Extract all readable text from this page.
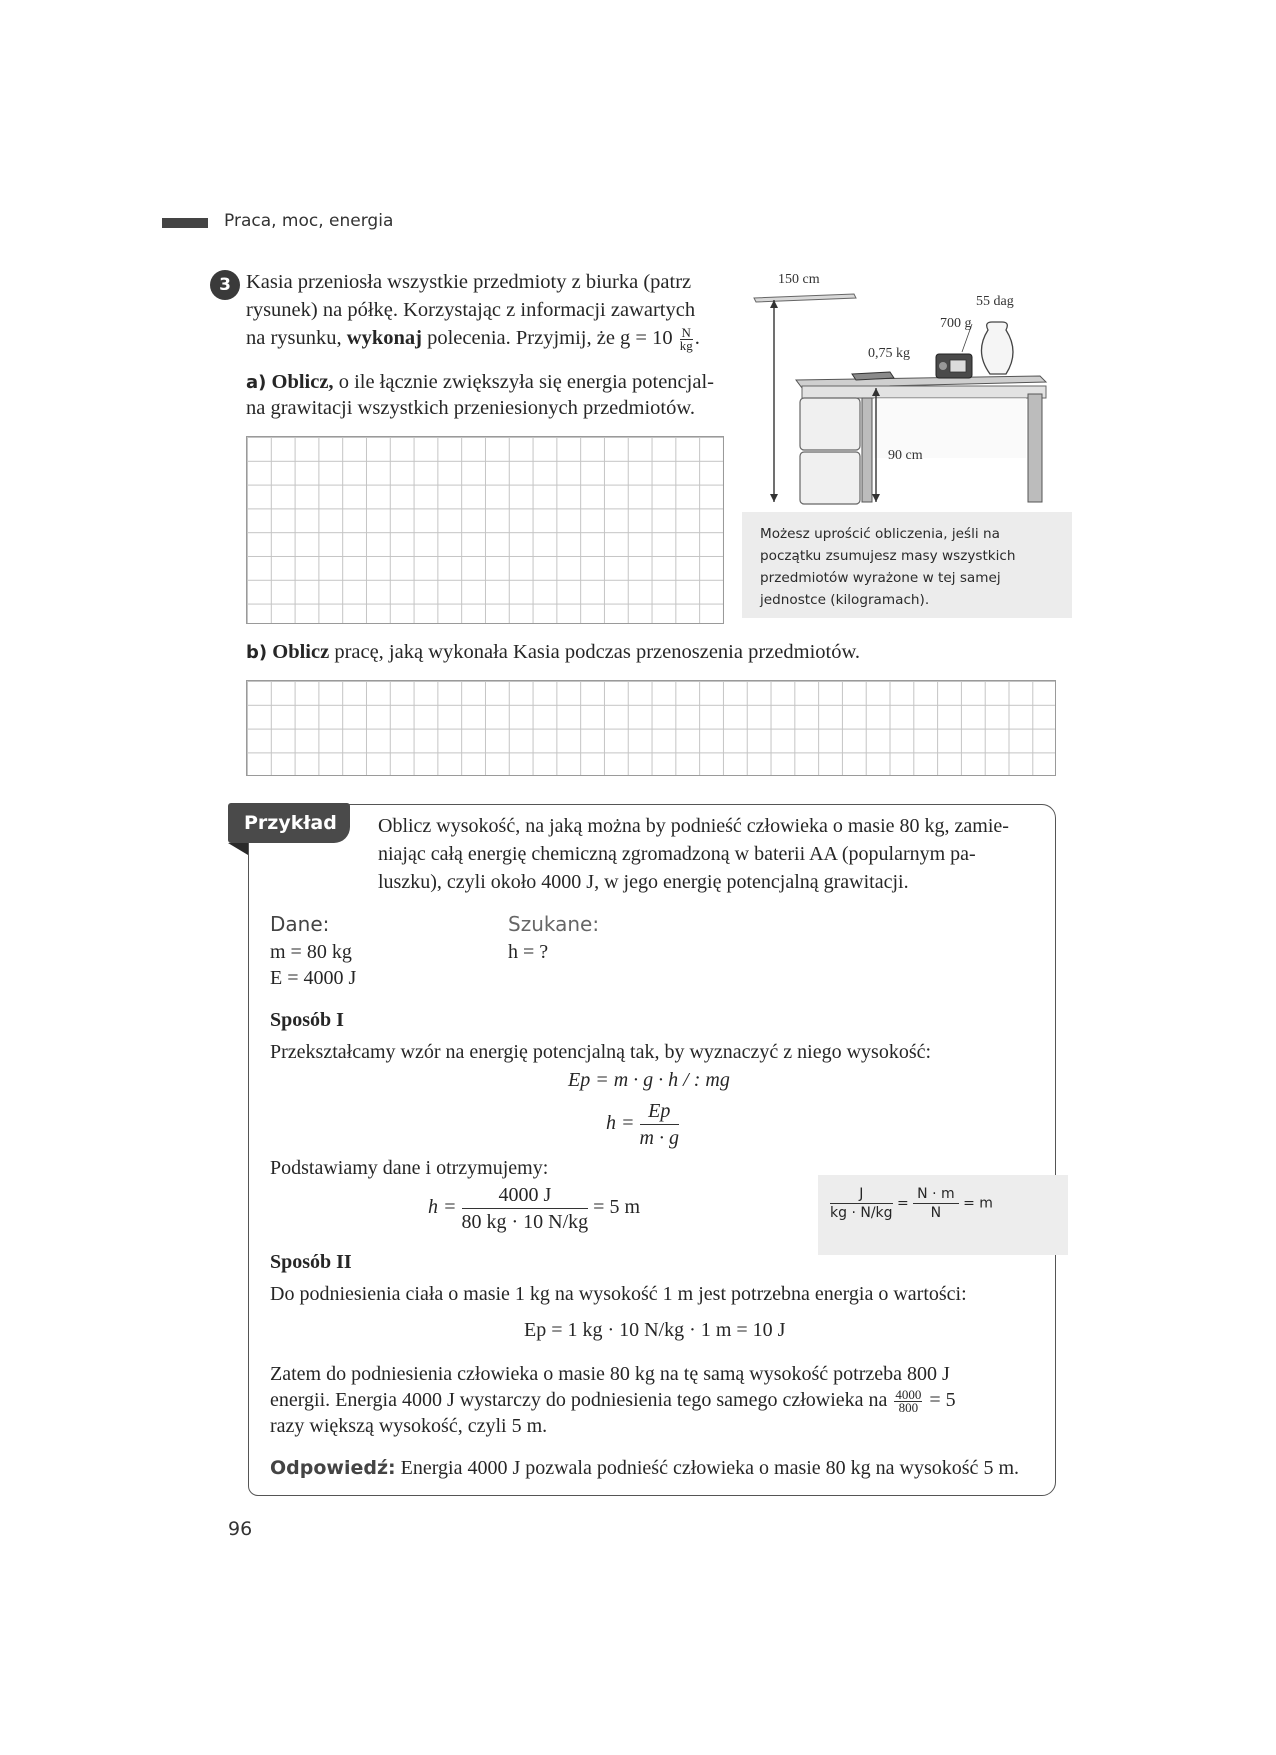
Praca, moc, energia
3 Kasia przeniosła wszystkie przedmioty z biurka (patrz
rysunek) na półkę. Korzystając z informacji zawartych
na rysunku, wykonaj polecenia. Przyjmij, że $g = 10 \frac{N}{kg}$ .
a) Oblicz, o ile łącznie zwiększyła się energia potencjal-
na grawitacji wszystkich przeniesionych przedmiotów.
150 cm
55 dag
700 g
0,75 kg
90 cm
Możesz uprościć obliczenia, jeśli na
początku zsumujesz masy wszystkich
przedmiotów wyrażone w tej samej
jednostce (kilogramach).
b) Oblicz pracę, jaką wykonała Kasia podczas przenoszenia przedmiotów.
Przykład	Oblicz wysokość, na jaką można by podnieść człowieka o masie 80 kg, zamie-
niając całą energię chemiczną zgromadzoną w baterii AA (popularnym pa-
luszku), czyli około 4000 J, w jego energię potencjalną grawitacji.
Dane:
m = 80 kg
E = 4000 J
Szukane:
h = ?
Sposób I
Przekształcamy wzór na energię potencjalną tak, by wyznaczyć z niego wysokość:
Ep = m · g · h / : mg
$h = \frac{Ep}{m \cdot g}$
Podstawiamy dane i otrzymujemy:
$h = \frac{4000 J}{80 kg \cdot 10 N/kg} = 5$ m	$\frac{J}{kg \cdot N/kg} = \frac{N \cdot m}{N} = m$
Sposób II
Do podniesienia ciała o masie 1 kg na wysokość 1 m jest potrzebna energia o wartości:
Ep = 1 kg · 10 N/kg · 1 m = 10 J
Zatem do podniesienia człowieka o masie 80 kg na tę samą wysokość potrzeba 800 J
energii. Energia 4000 J wystarczy do podniesienia tego samego człowieka na $\frac{4000}{800} = 5$
razy większą wysokość, czyli 5 m.
Odpowiedź: Energia 4000 J pozwala podnieść człowieka o masie 80 kg na wysokość 5 m.
96
